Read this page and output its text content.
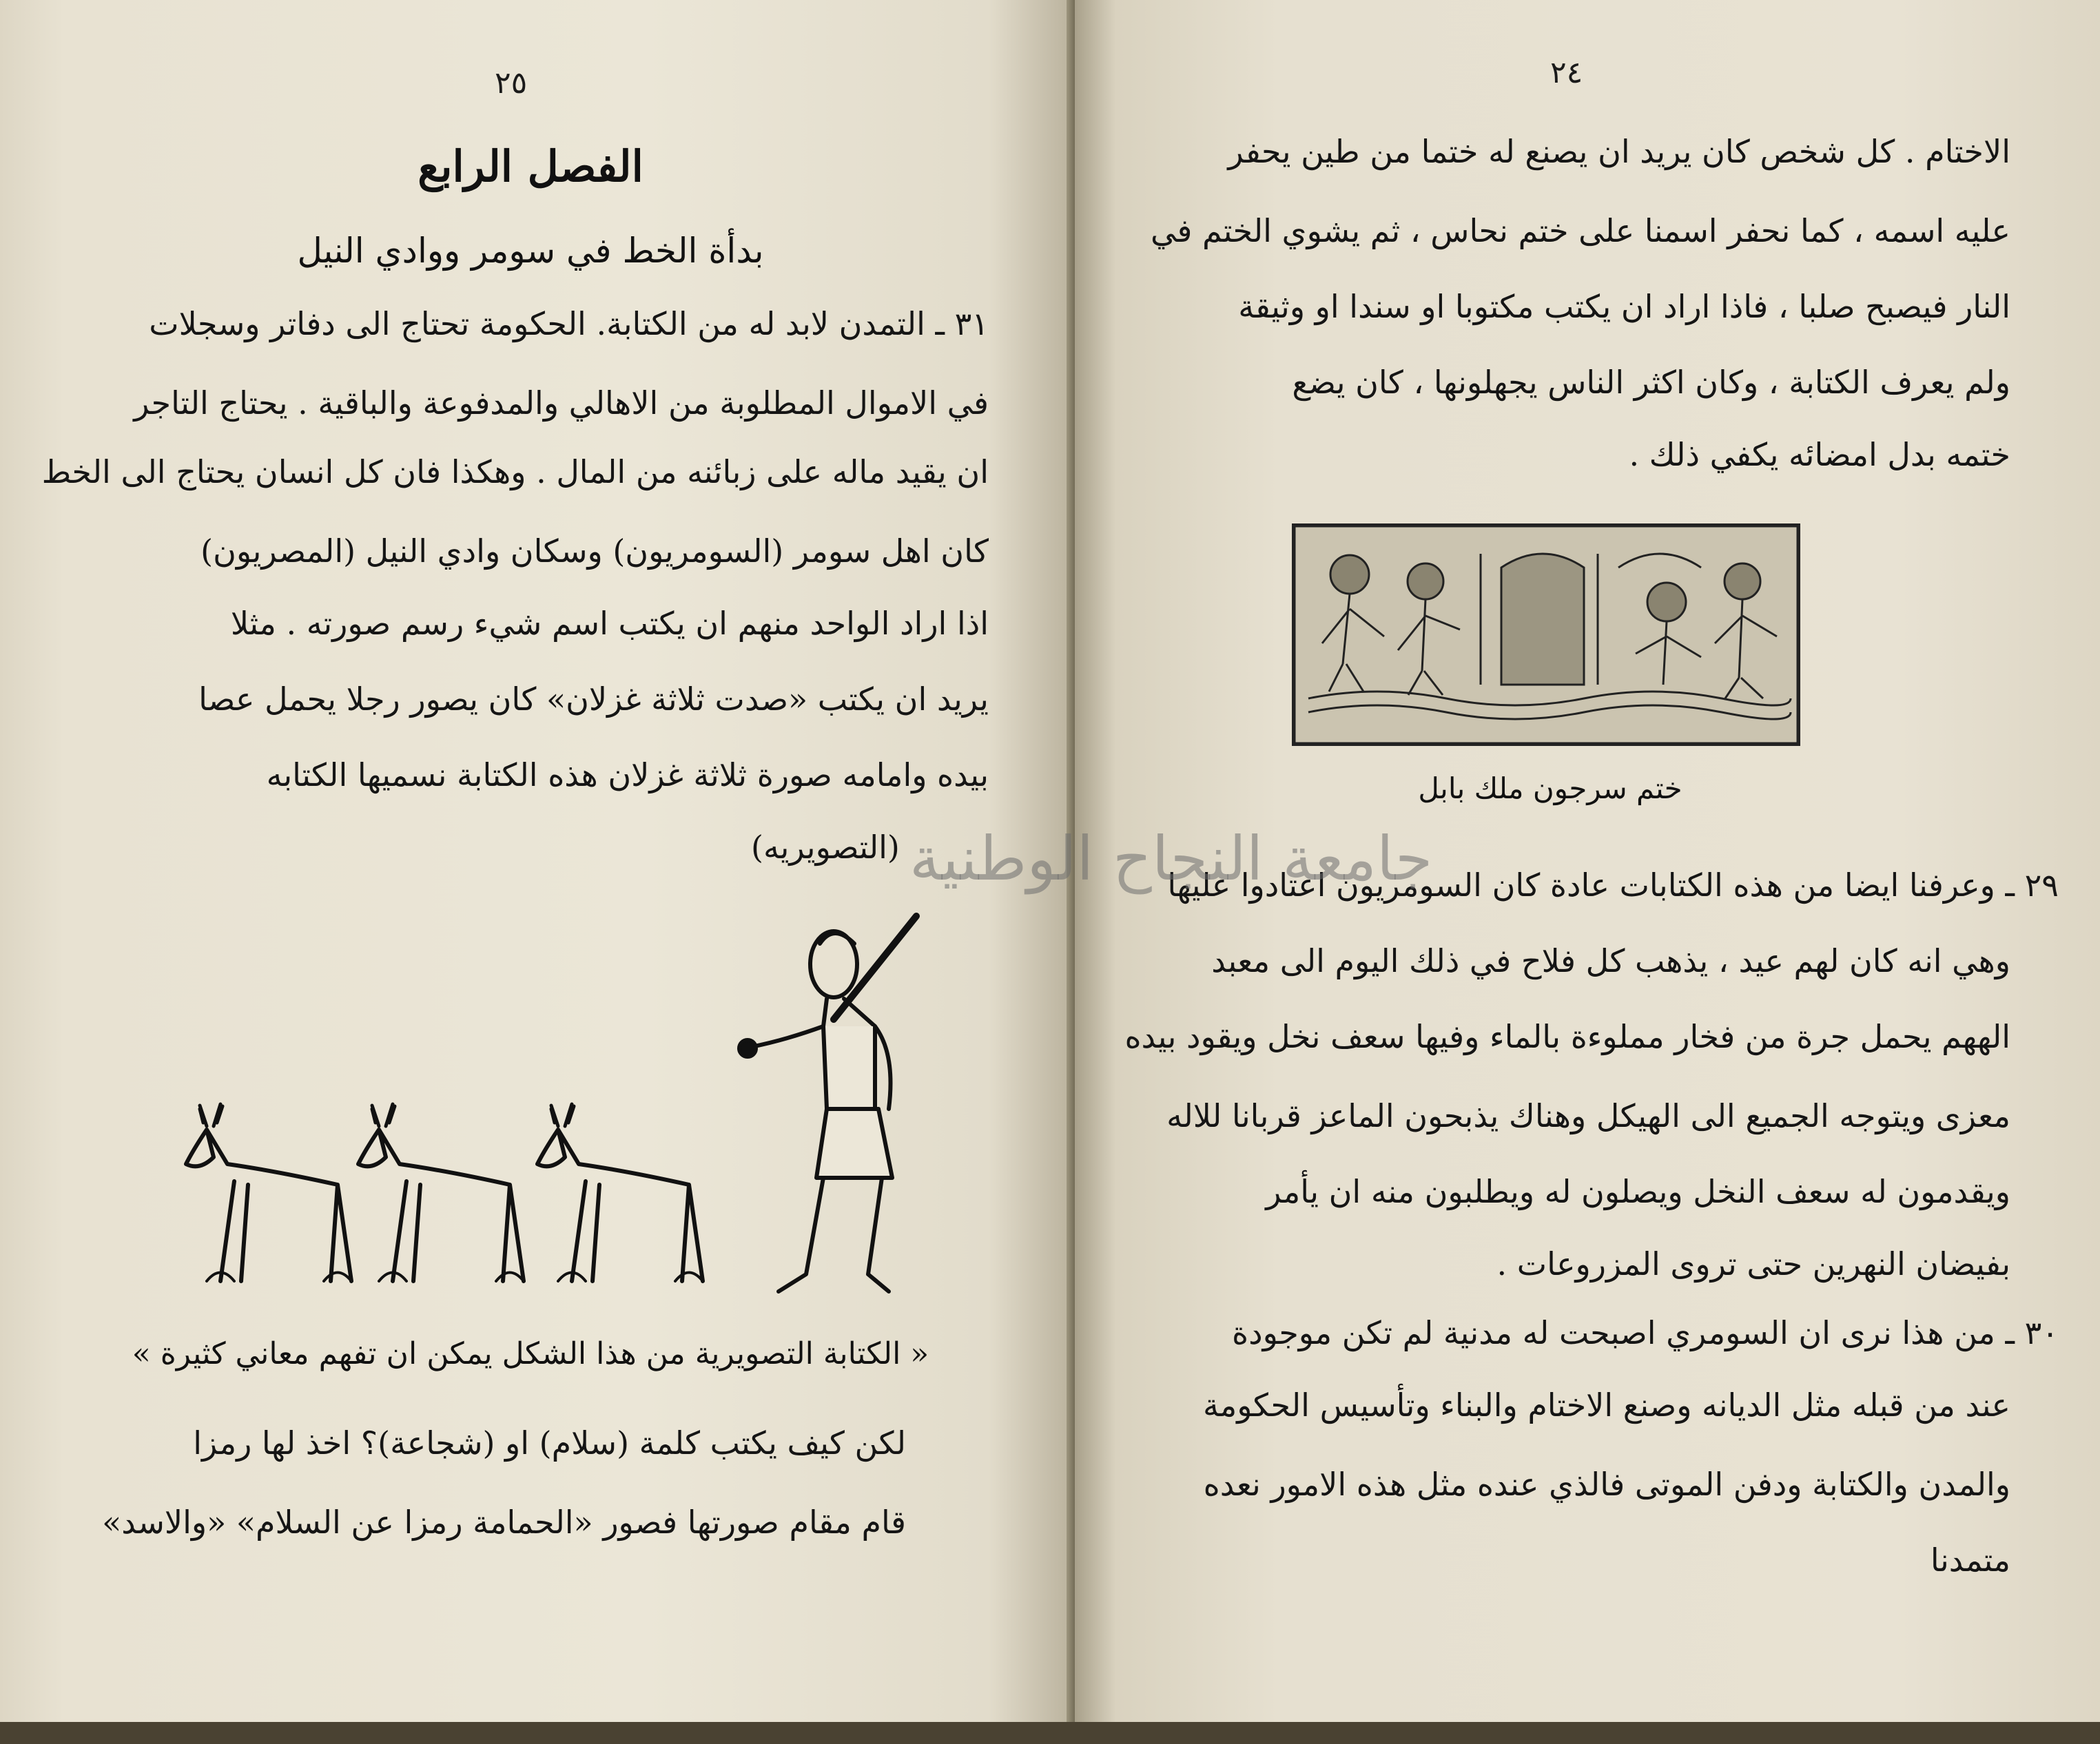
٢٥
الفصل الرابع
بدأة الخط في سومر ووادي النيل
٣١ ـ التمدن لابد له من الكتابة. الحكومة تحتاج الى دفاتر وسجلات
في الاموال المطلوبة من الاهالي والمدفوعة والباقية . يحتاج التاجر
ان يقيد ماله على زبائنه من المال . وهكذا فان كل انسان يحتاج الى الخط
كان اهل سومر (السومريون) وسكان وادي النيل (المصريون)
اذا اراد الواحد منهم ان يكتب اسم شيء رسم صورته . مثلا
يريد ان يكتب «صدت ثلاثة غزلان» كان يصور رجلا يحمل عصا
بيده وامامه صورة ثلاثة غزلان هذه الكتابة نسميها الكتابه
(التصويريه)
« الكتابة التصويرية من هذا الشكل يمكن ان تفهم معاني كثيرة »
لكن كيف يكتب كلمة (سلام) او (شجاعة)؟ اخذ لها رمزا
قام مقام صورتها فصور «الحمامة رمزا عن السلام» «والاسد»
٢٤
الاختام . كل شخص كان يريد ان يصنع له ختما من طين يحفر
عليه اسمه ، كما نحفر اسمنا على ختم نحاس ، ثم يشوي الختم في
النار فيصبح صلبا ، فاذا اراد ان يكتب مكتوبا او سندا او وثيقة
ولم يعرف الكتابة ، وكان اكثر الناس يجهلونها ، كان يضع
ختمه بدل امضائه يكفي ذلك .
ختم سرجون ملك بابل
٢٩ ـ وعرفنا ايضا من هذه الكتابات عادة كان السومريون اعتادوا عليها
وهي انه كان لهم عيد ، يذهب كل فلاح في ذلك اليوم الى معبد
الههم يحمل جرة من فخار مملوءة بالماء وفيها سعف نخل ويقود بيده
معزى ويتوجه الجميع الى الهيكل وهناك يذبحون الماعز قربانا للاله
ويقدمون له سعف النخل ويصلون له ويطلبون منه ان يأمر
بفيضان النهرين حتى تروى المزروعات .
٣٠ ـ من هذا نرى ان السومري اصبحت له مدنية لم تكن موجودة
عند من قبله مثل الديانه وصنع الاختام والبناء وتأسيس الحكومة
والمدن والكتابة ودفن الموتى فالذي عنده مثل هذه الامور نعده
متمدنا
جامعة النجاح الوطنية
